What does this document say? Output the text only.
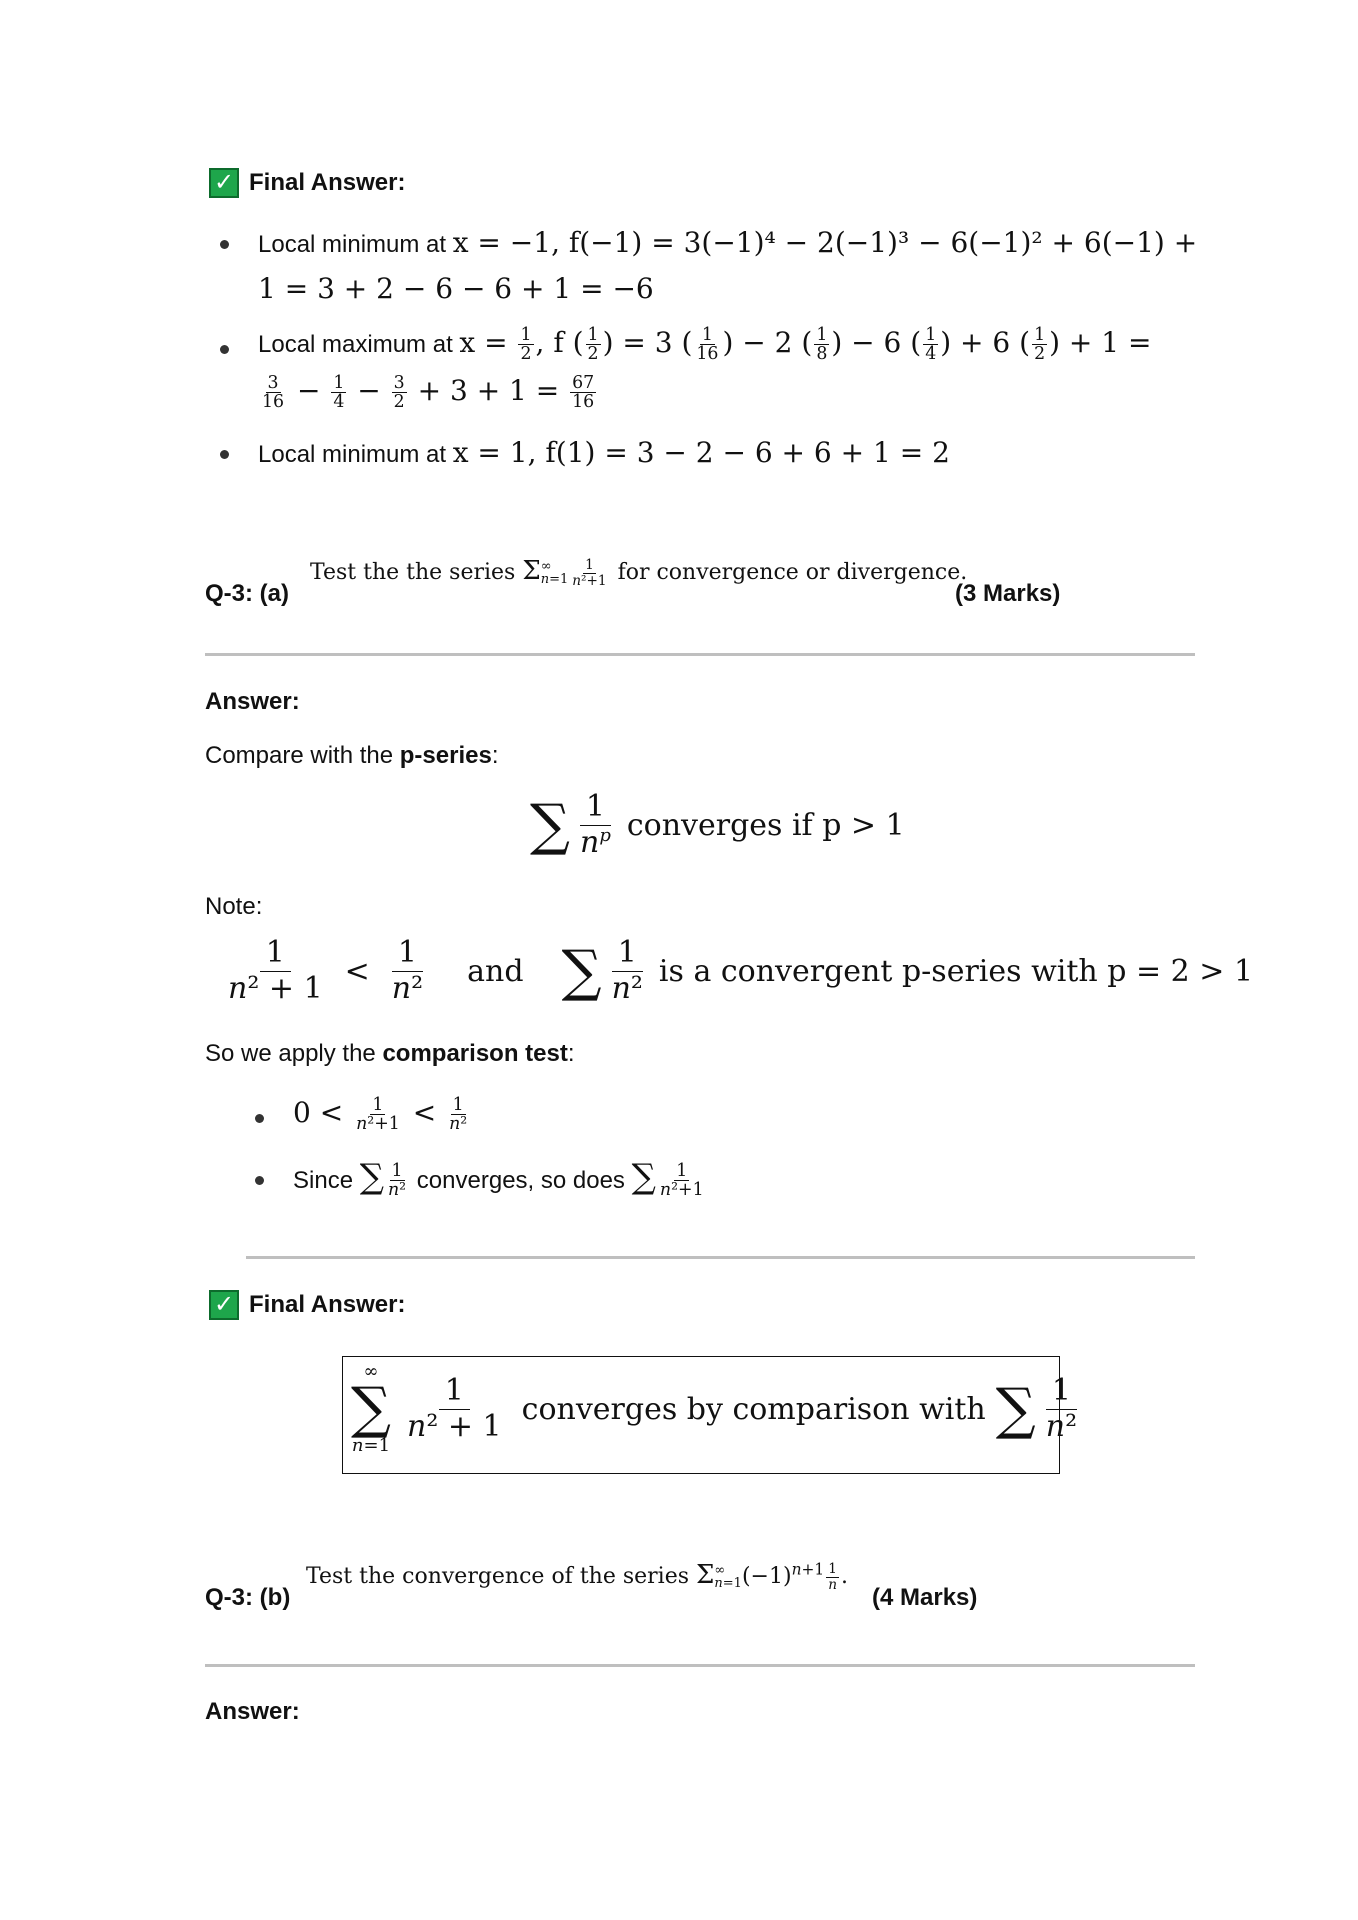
✓ Final Answer:
Local minimum at x = −1, f(−1) = 3(−1)⁴ − 2(−1)³ − 6(−1)² + 6(−1) +
1 = 3 + 2 − 6 − 6 + 1 = −6
Local maximum at $x = \frac{1}{2}$ , f ( $\frac{1}{2}$ ) = 3 ( $\frac{1}{16}$ ) − 2 ( $\frac{1}{8}$ ) − 6 ( $\frac{1}{4}$ ) + 6 ( $\frac{1}{2}$ ) + 1 =
$\frac{3}{16} - \frac{1}{4} - \frac{3}{2} + 3 + 1 = \frac{67}{16}$
Local minimum at x = 1, f(1) = 3 − 2 − 6 + 6 + 1 = 2
Q-3: (a)
Test the the series Σ ∞
$n=1 \frac{1}{\text{n²+1}}$ for convergence or divergence.
(3 Marks)
Answer:
Compare with the p-series:
∑ $\frac{1}{n^p}$ converges if p > 1
Note:
$\frac{1}{\text{n² + 1}} < \frac{1}{\text{n²}}$ and ∑ $\frac{1}{\text{n²}}$ is a convergent p-series with p = 2 > 1
So we apply the comparison test:
$0 < \frac{1}{\text{n²+1}} < \frac{1}{\text{n²}}$
Since ∑ $\frac{1}{\text{n²}}$ converges, so does ∑ $\frac{1}{\text{n²+1}}$
✓ Final Answer:
∞
∑
n=1
$\frac{1}{\text{n² + 1}}$ converges by comparison with ∑ $\frac{1}{\text{n²}}$
Q-3: (b)
Test the convergence of the series Σ ∞
n=1 $(-1)^{n+1} \frac{1}{n}$ .
(4 Marks)
Answer:
